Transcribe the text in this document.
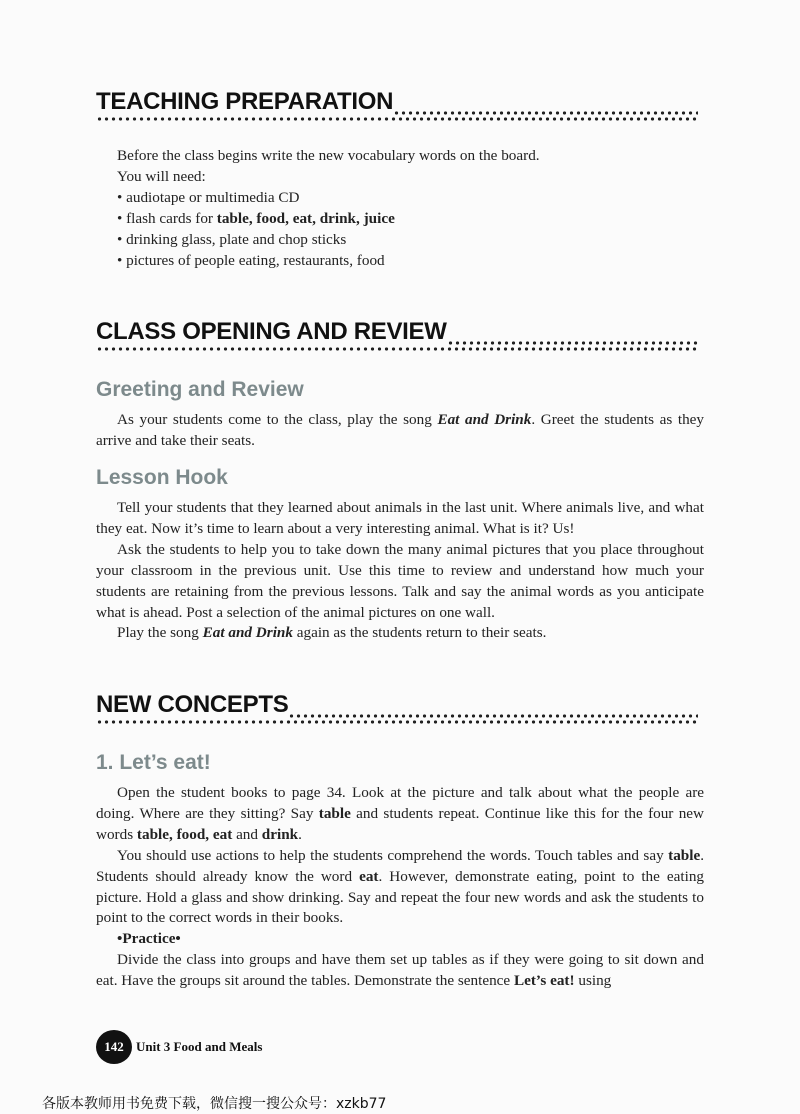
TEACHING PREPARATION
Before the class begins write the new vocabulary words on the board.
You will need:
• audiotape or multimedia CD
• flash cards for table, food, eat, drink, juice
• drinking glass, plate and chop sticks
• pictures of people eating, restaurants, food
CLASS OPENING AND REVIEW
Greeting and Review

As your students come to the class, play the song Eat and Drink. Greet the students as they arrive and take their seats.

Lesson Hook

Tell your students that they learned about animals in the last unit. Where animals live, and what they eat. Now it’s time to learn about a very interesting animal. What is it? Us!

Ask the students to help you to take down the many animal pictures that you place throughout your classroom in the previous unit. Use this time to review and understand how much your students are retaining from the previous lessons. Talk and say the animal words as you anticipate what is ahead. Post a selection of the animal pictures on one wall.

Play the song Eat and Drink again as the students return to their seats.

NEW CONCEPTS
1. Let’s eat!

Open the student books to page 34. Look at the picture and talk about what the people are doing. Where are they sitting? Say table and students repeat. Continue like this for the four new words table, food, eat and drink.

You should use actions to help the students comprehend the words. Touch tables and say table. Students should already know the word eat. However, demonstrate eating, point to the eating picture. Hold a glass and show drinking. Say and repeat the four new words and ask the students to point to the correct words in their books.

•Practice•

Divide the class into groups and have them set up tables as if they were going to sit down and eat. Have the groups sit around the tables. Demonstrate the sentence Let’s eat! using

142 Unit 3 Food and Meals
各版本教师用书免费下载，微信搜一搜公众号：xzkb77
